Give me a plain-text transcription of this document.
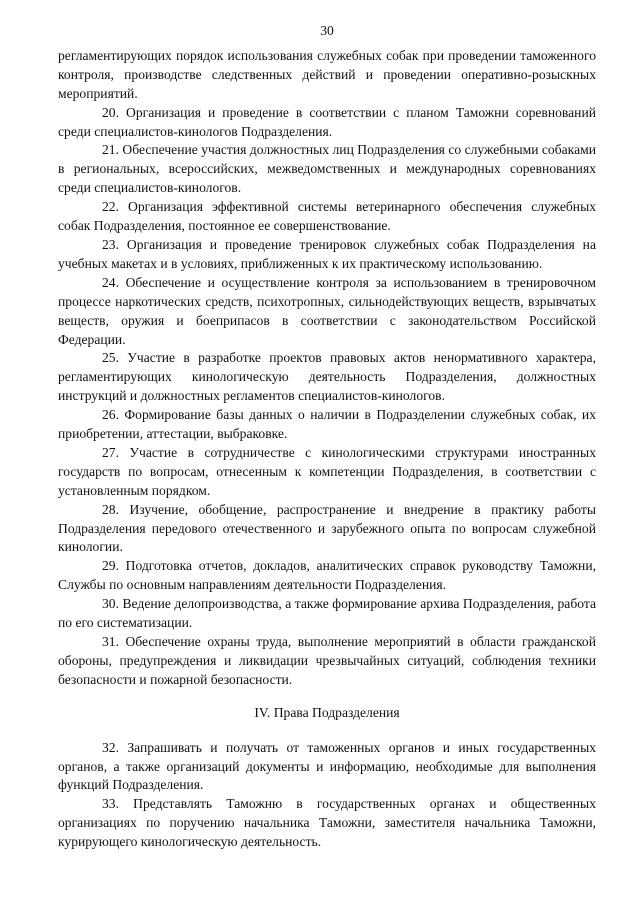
30

регламентирующих порядок использования служебных собак при проведении таможенного контроля, производстве следственных действий и проведении оперативно-розыскных мероприятий.

20. Организация и проведение в соответствии с планом Таможни соревнований среди специалистов-кинологов Подразделения.

21. Обеспечение участия должностных лиц Подразделения со служебными собаками в региональных, всероссийских, межведомственных и международных соревнованиях среди специалистов-кинологов.

22. Организация эффективной системы ветеринарного обеспечения служебных собак Подразделения, постоянное ее совершенствование.

23. Организация и проведение тренировок служебных собак Подразделения на учебных макетах и в условиях, приближенных к их практическому использованию.

24. Обеспечение и осуществление контроля за использованием в тренировочном процессе наркотических средств, психотропных, сильнодействующих веществ, взрывчатых веществ, оружия и боеприпасов в соответствии с законодательством Российской Федерации.

25. Участие в разработке проектов правовых актов ненормативного характера, регламентирующих кинологическую деятельность Подразделения, должностных инструкций и должностных регламентов специалистов-кинологов.

26. Формирование базы данных о наличии в Подразделении служебных собак, их приобретении, аттестации, выбраковке.

27. Участие в сотрудничестве с кинологическими структурами иностранных государств по вопросам, отнесенным к компетенции Подразделения, в соответствии с установленным порядком.

28. Изучение, обобщение, распространение и внедрение в практику работы Подразделения передового отечественного и зарубежного опыта по вопросам служебной кинологии.

29. Подготовка отчетов, докладов, аналитических справок руководству Таможни, Службы по основным направлениям деятельности Подразделения.

30. Ведение делопроизводства, а также формирование архива Подразделения, работа по его систематизации.

31. Обеспечение охраны труда, выполнение мероприятий в области гражданской обороны, предупреждения и ликвидации чрезвычайных ситуаций, соблюдения техники безопасности и пожарной безопасности.

IV. Права Подразделения

32. Запрашивать и получать от таможенных органов и иных государственных органов, а также организаций документы и информацию, необходимые для выполнения функций Подразделения.

33. Представлять Таможню в государственных органах и общественных организациях по поручению начальника Таможни, заместителя начальника Таможни, курирующего кинологическую деятельность.
